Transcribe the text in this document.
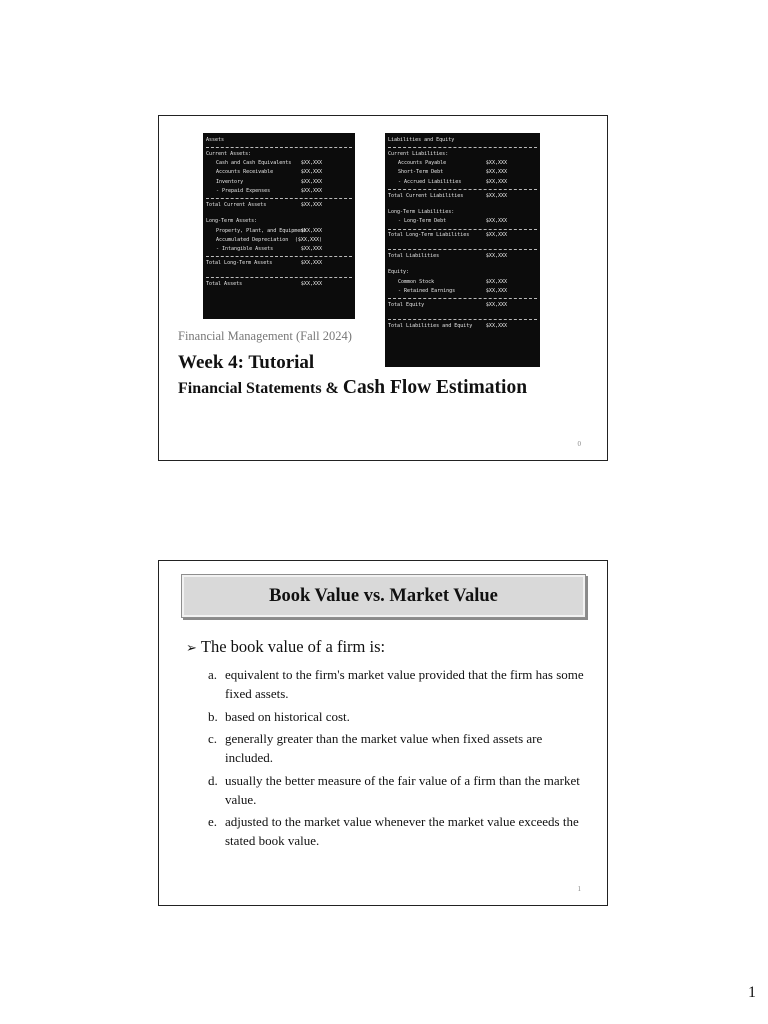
Assets
Current Assets:
Cash and Cash Equivalents $XX,XXX
Accounts Receivable	$XX,XXX
Inventory	$XX,XXX
- Prepaid Expenses	$XX,XXX
Total Current Assets	$XX,XXX
Long-Term Assets:
Property, Plant, and Equipment
$XX,XXX
Accumulated Depreciation ($XX,XXX)
- Intangible Assets	$XX,XXX
Total Long-Term Assets	$XX,XXX
Total Assets	$XX,XXX
Liabilities and Equity
Current Liabilities:
Accounts Payable	$XX,XXX
Short-Term Debt	$XX,XXX
- Accrued Liabilities	$XX,XXX
Total Current Liabilities	$XX,XXX
Long-Term Liabilities:
- Long-Term Debt	$XX,XXX
Total Long-Term Liabilities	$XX,XXX
Total Liabilities	$XX,XXX
Equity:
Common Stock	$XX,XXX
- Retained Earnings	$XX,XXX
Total Equity	$XX,XXX
Total Liabilities and Equity	$XX,XXX
Financial Management (Fall 2024)
Week 4: Tutorial
Financial Statements & Cash Flow Estimation
0
Book Value vs. Market Value
➢ The book value of a firm is:
a. equivalent to the firm's market value provided that the firm has some fixed assets.
b. based on historical cost.
c. generally greater than the market value when fixed assets are included.
d. usually the better measure of the fair value of a firm than the market value.
e. adjusted to the market value whenever the market value exceeds the stated book value.
1
1
